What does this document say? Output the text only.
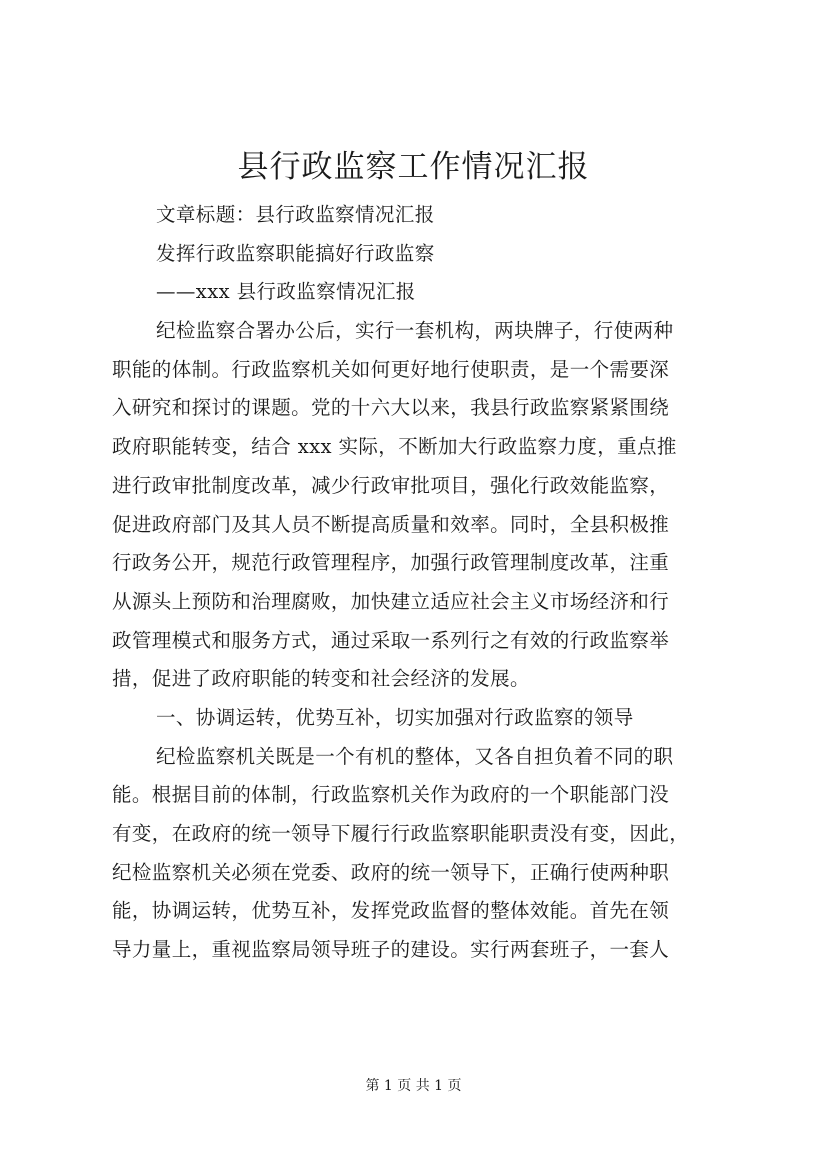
县行政监察工作情况汇报
文章标题：县行政监察情况汇报
发挥行政监察职能搞好行政监察
——xxx 县行政监察情况汇报
纪检监察合署办公后，实行一套机构，两块牌子，行使两种
职能的体制。行政监察机关如何更好地行使职责，是一个需要深
入研究和探讨的课题。党的十六大以来，我县行政监察紧紧围绕
政府职能转变，结合 xxx 实际，不断加大行政监察力度，重点推
进行政审批制度改革，减少行政审批项目，强化行政效能监察，
促进政府部门及其人员不断提高质量和效率。同时，全县积极推
行政务公开，规范行政管理程序，加强行政管理制度改革，注重
从源头上预防和治理腐败，加快建立适应社会主义市场经济和行
政管理模式和服务方式，通过采取一系列行之有效的行政监察举
措，促进了政府职能的转变和社会经济的发展。
一、协调运转，优势互补，切实加强对行政监察的领导
纪检监察机关既是一个有机的整体，又各自担负着不同的职
能。根据目前的体制，行政监察机关作为政府的一个职能部门没
有变，在政府的统一领导下履行行政监察职能职责没有变，因此，
纪检监察机关必须在党委、政府的统一领导下，正确行使两种职
能，协调运转，优势互补，发挥党政监督的整体效能。首先在领
导力量上，重视监察局领导班子的建设。实行两套班子，一套人
第 1 页 共 1 页
